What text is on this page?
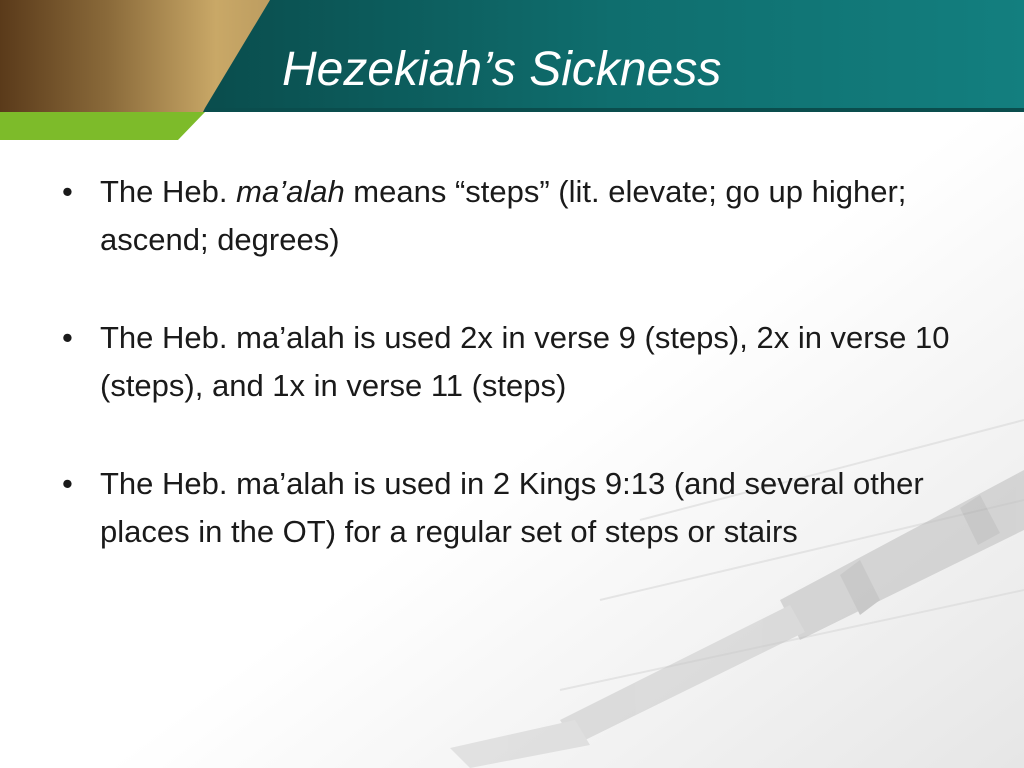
Hezekiah’s Sickness
• The Heb. ma’alah means “steps” (lit. elevate; go up higher; ascend; degrees)
• The Heb. ma’alah is used 2x in verse 9 (steps), 2x in verse 10 (steps), and 1x in verse 11 (steps)
• The Heb. ma’alah is used in 2 Kings 9:13 (and several other places in the OT) for a regular set of steps or stairs
